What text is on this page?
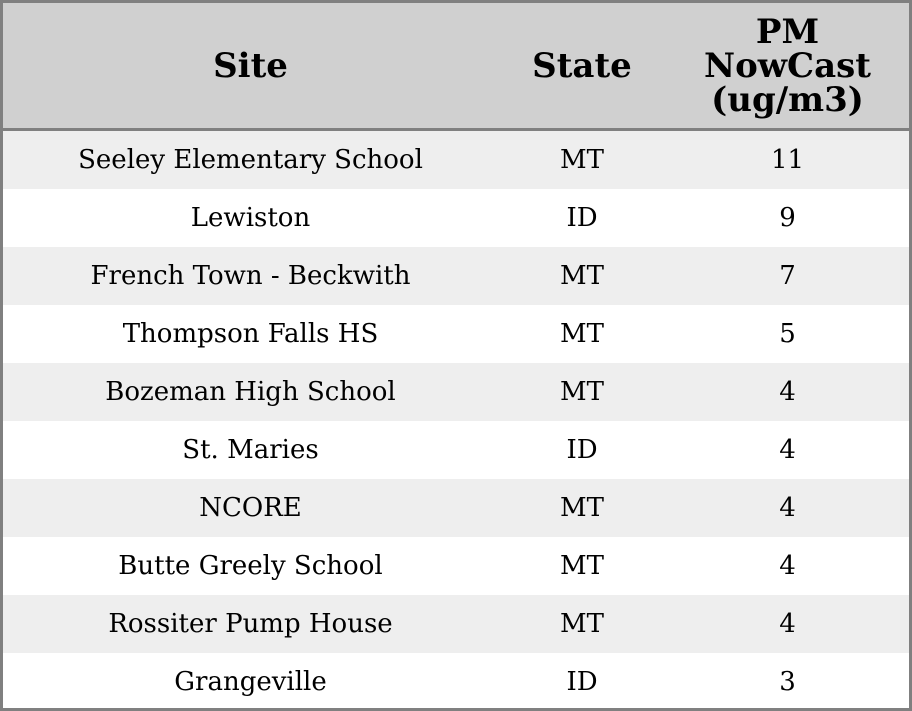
Site	State	PM
NowCast
(ug/m3)

Seeley Elementary School	MT	11
Lewiston	ID	9
French Town - Beckwith	MT	7
Thompson Falls HS	MT	5
Bozeman High School	MT	4
St. Maries	ID	4
NCORE	MT	4
Butte Greely School	MT	4
Rossiter Pump House	MT	4
Grangeville	ID	3
